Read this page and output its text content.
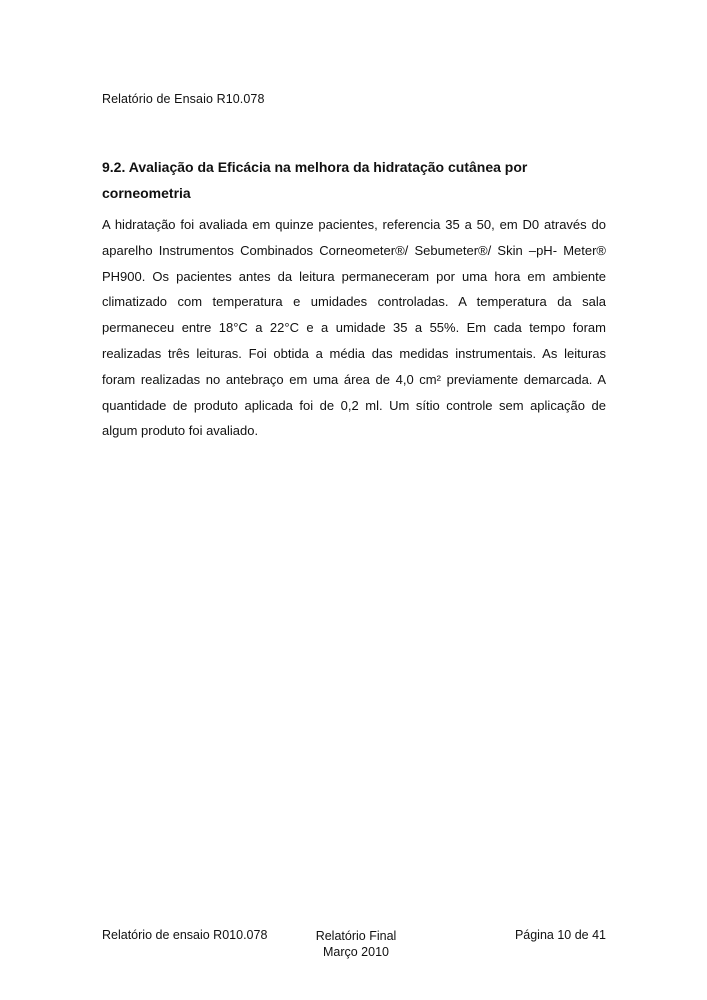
Relatório de Ensaio R10.078
9.2. Avaliação da Eficácia na melhora da hidratação cutânea por corneometria

A hidratação foi avaliada em quinze pacientes, referencia 35 a 50, em D0 através do aparelho Instrumentos Combinados Corneometer®/ Sebumeter®/ Skin –pH- Meter® PH900. Os pacientes antes da leitura permaneceram por uma hora em ambiente climatizado com temperatura e umidades controladas. A temperatura da sala permaneceu entre 18°C a 22°C e a umidade 35 a 55%. Em cada tempo foram realizadas três leituras. Foi obtida a média das medidas instrumentais. As leituras foram realizadas no antebraço em uma área de 4,0 cm² previamente demarcada. A quantidade de produto aplicada foi de 0,2 ml. Um sítio controle sem aplicação de algum produto foi avaliado.

Relatório de ensaio R010.078	Relatório Final
Março 2010
Página 10 de 41
